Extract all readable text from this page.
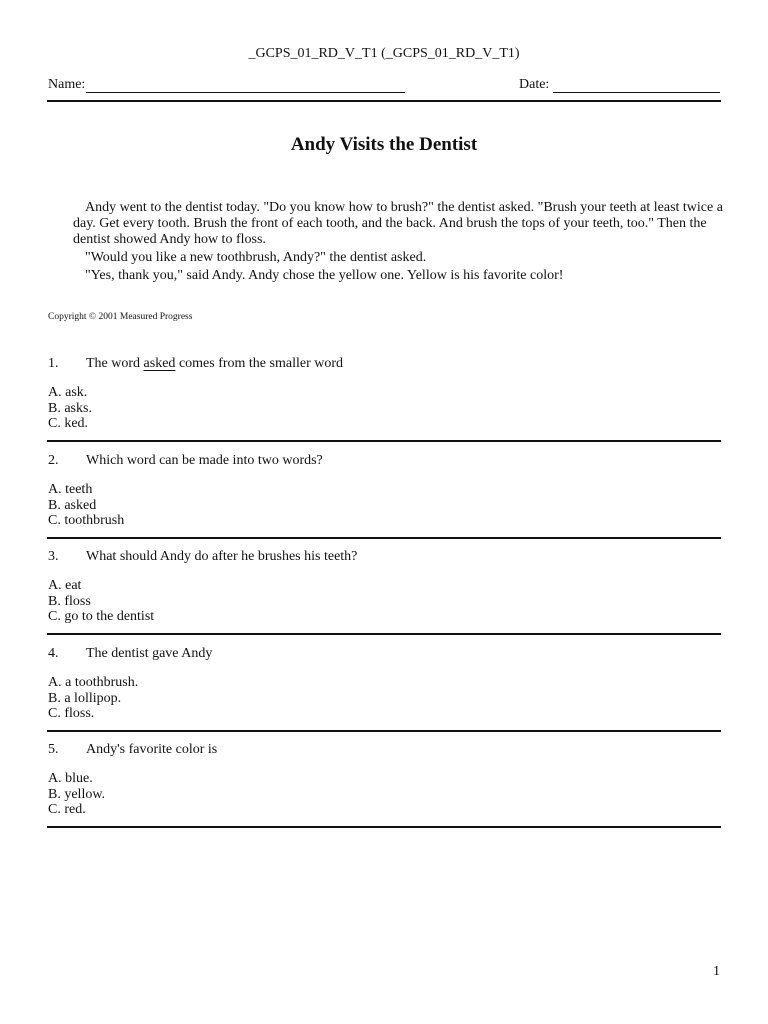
_GCPS_01_RD_V_T1 (_GCPS_01_RD_V_T1)
Name:	Date:
Andy Visits the Dentist

Andy went to the dentist today. "Do you know how to brush?" the dentist asked. "Brush your teeth at least twice a day. Get every tooth. Brush the front of each tooth, and the back. And brush the tops of your teeth, too." Then the dentist showed Andy how to floss.

"Would you like a new toothbrush, Andy?" the dentist asked.

"Yes, thank you," said Andy. Andy chose the yellow one. Yellow is his favorite color!

Copyright © 2001 Measured Progress
1. The word asked comes from the smaller word
A. ask.
B. asks.
C. ked.
2. Which word can be made into two words?
A. teeth
B. asked
C. toothbrush
3. What should Andy do after he brushes his teeth?
A. eat
B. floss
C. go to the dentist
4. The dentist gave Andy
A. a toothbrush.
B. a lollipop.
C. floss.
5. Andy's favorite color is
A. blue.
B. yellow.
C. red.
1
